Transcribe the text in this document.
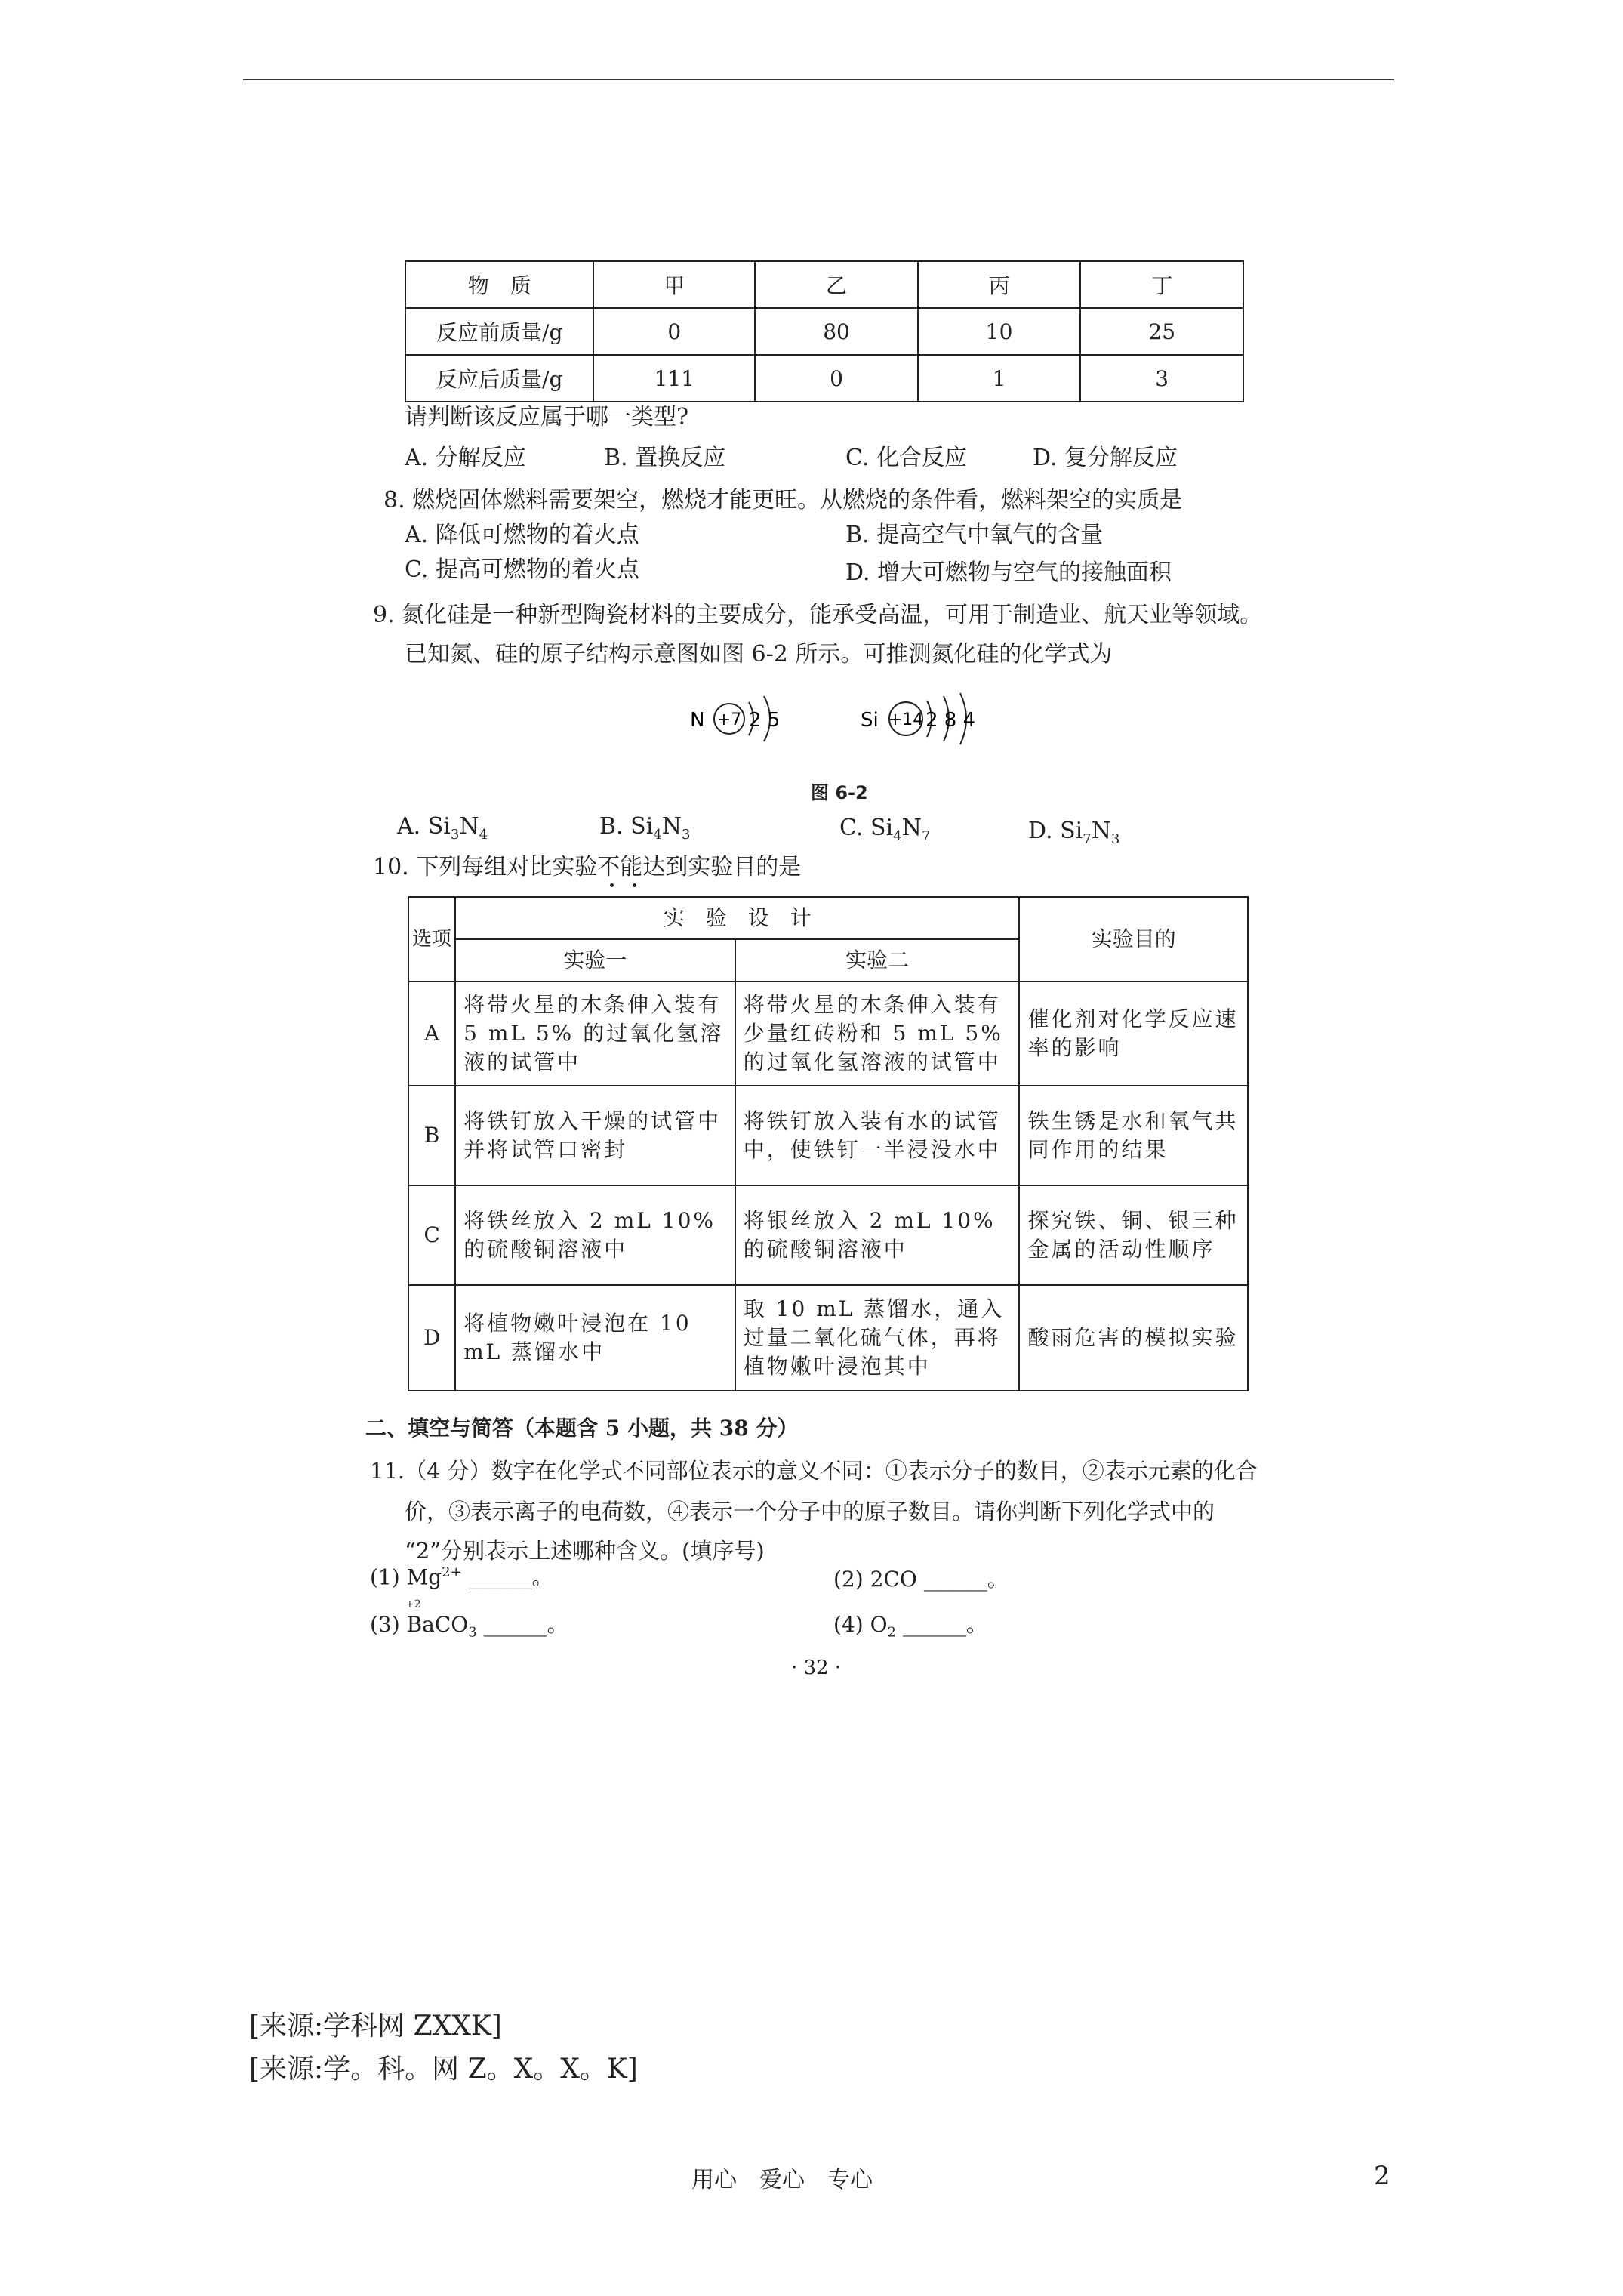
物　质	甲	乙	丙	丁
反应前质量/g	0	80	10	25
反应后质量/g	111	0	1	3
请判断该反应属于哪一类型?
A. 分解反应	B. 置换反应	C. 化合反应	D. 复分解反应
8. 燃烧固体燃料需要架空，燃烧才能更旺。从燃烧的条件看，燃料架空的实质是
A. 降低可燃物的着火点	B. 提高空气中氧气的含量
C. 提高可燃物的着火点	D. 增大可燃物与空气的接触面积
9. 氮化硅是一种新型陶瓷材料的主要成分，能承受高温，可用于制造业、航天业等领域。
已知氮、硅的原子结构示意图如图 6-2 所示。可推测氮化硅的化学式为
N +7 2 5	Si +14 2 8 4
图 6-2
A. $Si_3N_4$	B. $Si_4N_3$	C. $Si_4N_7$	D. $Si_7N_3$
10. 下列每组对比实验不能达到实验目的是
选项	实　验　设　计		实验目的
	实验一	实验二	
A	将带火星的木条伸入装有 5 mL 5% 的过氧化氢溶液的试管中	将带火星的木条伸入装有少量红砖粉和 5 mL 5% 的过氧化氢溶液的试管中	催化剂对化学反应速率的影响
B	将铁钉放入干燥的试管中并将试管口密封	将铁钉放入装有水的试管中，使铁钉一半浸没水中	铁生锈是水和氧气共同作用的结果
C	将铁丝放入 2 mL 10% 的硫酸铜溶液中	将银丝放入 2 mL 10% 的硫酸铜溶液中	探究铁、铜、银三种金属的活动性顺序
D	将植物嫩叶浸泡在 10 mL 蒸馏水中	取 10 mL 蒸馏水，通入过量二氧化硫气体，再将植物嫩叶浸泡其中	酸雨危害的模拟实验
二、填空与简答（本题含 5 小题，共 38 分）
11.（4 分）数字在化学式不同部位表示的意义不同：①表示分子的数目，②表示元素的化合
价，③表示离子的电荷数，④表示一个分子中的原子数目。请你判断下列化学式中的
“2”分别表示上述哪种含义。(填序号)
(1) $Mg^{2+}$ ______。	(2) 2CO ______。
+2
(3) BaCO$_3$ ______。	(4) $O_2$ ______。
· 32 ·
[来源:学科网 ZXXK]
[来源:学。科。网 Z。X。X。K]
用心　爱心　专心	2
